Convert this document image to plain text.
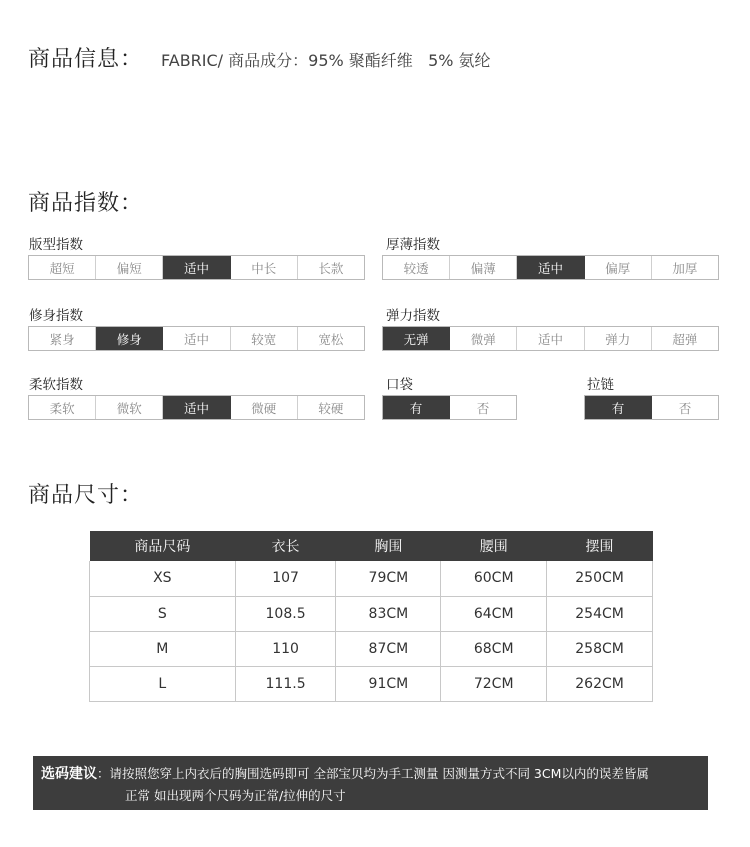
商品信息： FABRIC/ 商品成分：95% 聚酯纤维   5% 氨纶
商品指数：
版型指数
超短	偏短	适中	中长	长款
厚薄指数
较透	偏薄	适中	偏厚	加厚
修身指数
紧身	修身	适中	较宽	宽松
弹力指数
无弹	微弹	适中	弹力	超弹
柔软指数
柔软	微软	适中	微硬	较硬
口袋
有	否
拉链
有	否
商品尺寸：
商品尺码	衣长	胸围	腰围	摆围
XS	107	79CM	60CM	250CM
S	108.5	83CM	64CM	254CM
M	110	87CM	68CM	258CM
L	111.5	91CM	72CM	262CM
选码建议：请按照您穿上内衣后的胸围选码即可 全部宝贝均为手工测量 因测量方式不同 3CM以内的误差皆属
正常 如出现两个尺码为正常/拉伸的尺寸
